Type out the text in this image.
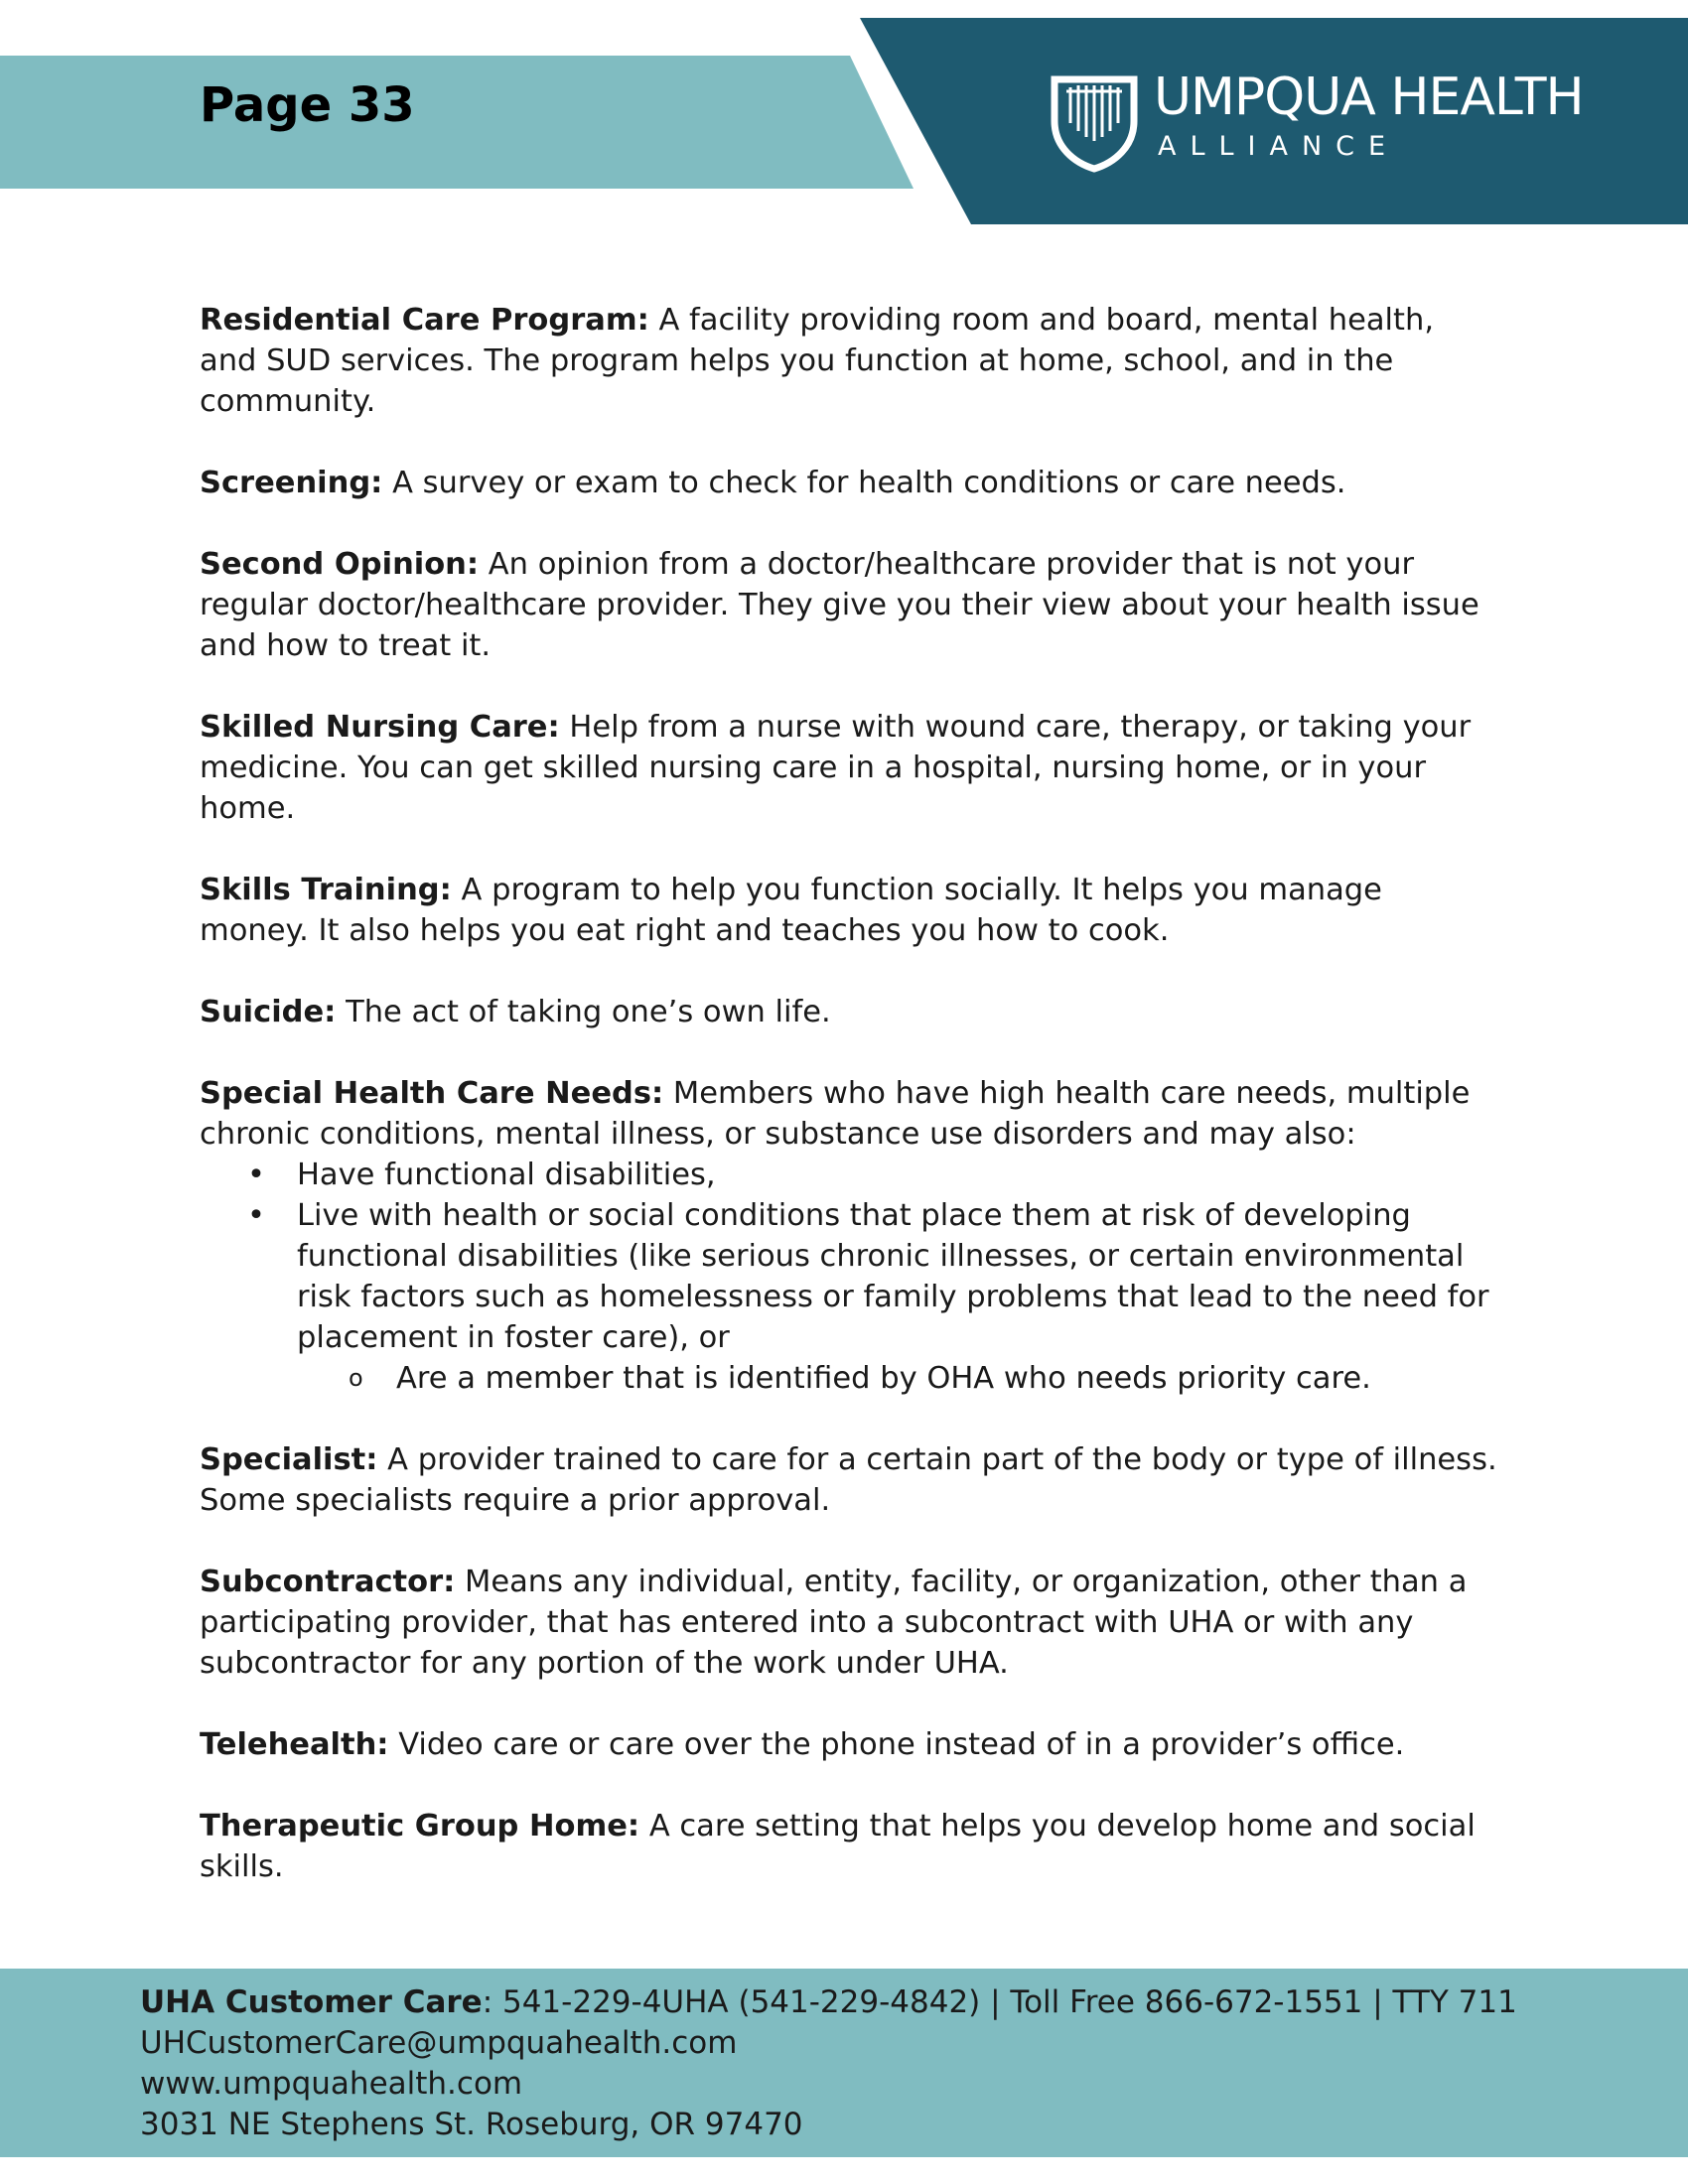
Page 33	UMPQUA HEALTH
ALLIANCE

Residential Care Program: A facility providing room and board, mental health, and SUD services. The program helps you function at home, school, and in the community.

Screening: A survey or exam to check for health conditions or care needs.

Second Opinion: An opinion from a doctor/healthcare provider that is not your regular doctor/healthcare provider. They give you their view about your health issue and how to treat it.

Skilled Nursing Care: Help from a nurse with wound care, therapy, or taking your medicine. You can get skilled nursing care in a hospital, nursing home, or in your home.

Skills Training: A program to help you function socially. It helps you manage money. It also helps you eat right and teaches you how to cook.

Suicide: The act of taking one’s own life.

Special Health Care Needs: Members who have high health care needs, multiple chronic conditions, mental illness, or substance use disorders and may also:

• Have functional disabilities,
• Live with health or social conditions that place them at risk of developing functional disabilities (like serious chronic illnesses, or certain environmental risk factors such as homelessness or family problems that lead to the need for placement in foster care), or
o Are a member that is identified by OHA who needs priority care.

Specialist: A provider trained to care for a certain part of the body or type of illness. Some specialists require a prior approval.

Subcontractor: Means any individual, entity, facility, or organization, other than a participating provider, that has entered into a subcontract with UHA or with any subcontractor for any portion of the work under UHA.

Telehealth: Video care or care over the phone instead of in a provider’s office.

Therapeutic Group Home: A care setting that helps you develop home and social skills.

UHA Customer Care: 541-229-4UHA (541-229-4842) | Toll Free 866-672-1551 | TTY 711
UHCustomerCare@umpquahealth.com
www.umpquahealth.com
3031 NE Stephens St. Roseburg, OR 97470
